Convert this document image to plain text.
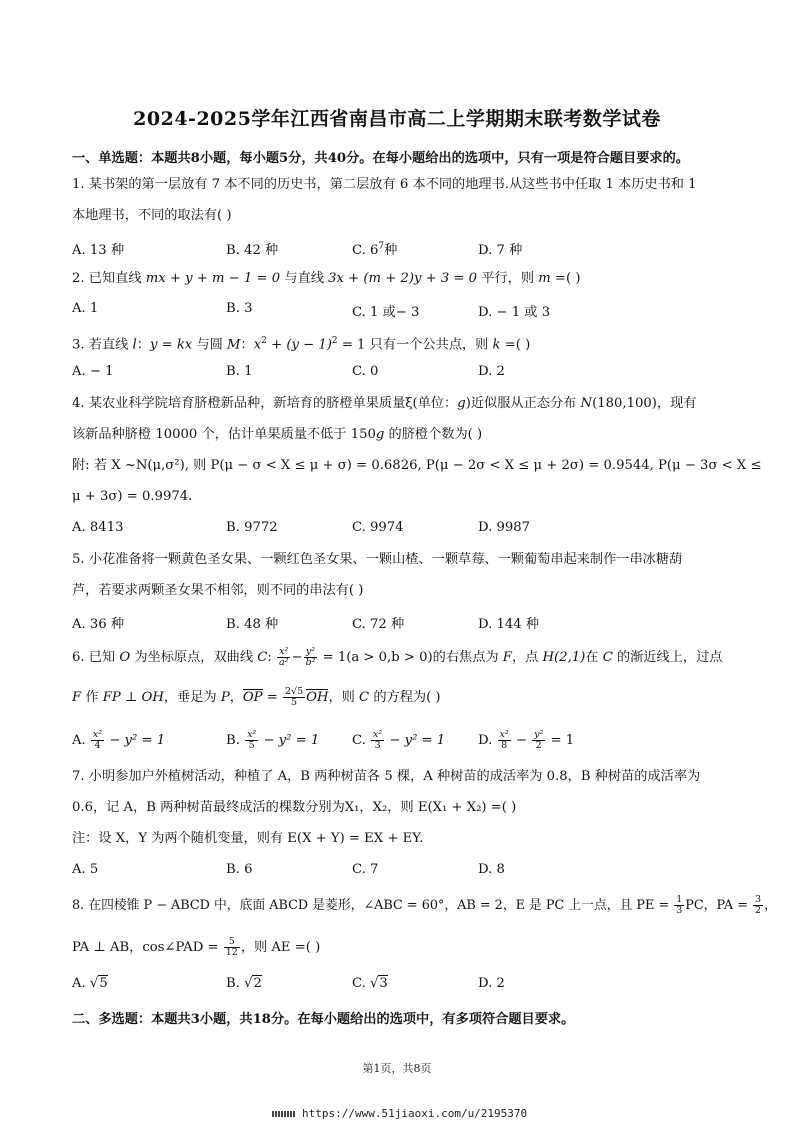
2024-2025学年江西省南昌市高二上学期期末联考数学试卷
一、单选题：本题共8小题，每小题5分，共40分。在每小题给出的选项中，只有一项是符合题目要求的。
1. 某书架的第一层放有 7 本不同的历史书，第二层放有 6 本不同的地理书.从这些书中任取 1 本历史书和 1
本地理书，不同的取法有( )
A. 13 种	B. 42 种	C. $6^7$种	D. 7 种
2. 已知直线 mx + y + m − 1 = 0 与直线 3x + (m + 2)y + 3 = 0 平行，则 m =( )
A. 1	B. 3	C. 1 或− 3	D. − 1 或 3
3. 若直线 l：y = kx 与圆 M：$x^2 + (y - 1)^2 = 1$ 只有一个公共点，则 k =( )
A. − 1	B. 1	C. 0	D. 2
4. 某农业科学院培育脐橙新品种，新培育的脐橙单果质量ξ(单位：g)近似服从正态分布 N(180,100)，现有
该新品种脐橙 10000 个，估计单果质量不低于 150g 的脐橙个数为( )
附: 若 X ~N(μ,σ²), 则 P(μ − σ < X ≤ μ + σ) = 0.6826, P(μ − 2σ < X ≤ μ + 2σ) = 0.9544, P(μ − 3σ < X ≤
μ + 3σ) = 0.9974.
A. 8413	B. 9772	C. 9974	D. 9987
5. 小花准备将一颗黄色圣女果、一颗红色圣女果、一颗山楂、一颗草莓、一颗葡萄串起来制作一串冰糖葫
芦，若要求两颗圣女果不相邻，则不同的串法有( )
A. 36 种	B. 48 种	C. 72 种	D. 144 种
6. 已知 O 为坐标原点，双曲线 C: $\frac{\text{x²}}{\text{a²}} - \frac{\text{y²}}{\text{b²}} = 1(a > 0,b > 0)$的右焦点为 F，点 H(2,1)在 C 的渐近线上，过点
F 作 FP ⊥ OH，垂足为 P，OP = $\frac{2√5}{5}$ OH，则 C 的方程为( )
A. $\frac{\text{x²}}{4} - y^2 = 1$	B. $\frac{\text{x²}}{5} - y^2 = 1$ C. $\frac{\text{x²}}{3} - y^2 = 1$ D. $\frac{\text{x²}}{8} - \frac{\text{y²}}{2} = 1$
7. 小明参加户外植树活动，种植了 A，B 两种树苗各 5 棵，A 种树苗的成活率为 0.8，B 种树苗的成活率为
0.6，记 A，B 两种树苗最终成活的棵数分别为X₁，X₂，则 E(X₁ + X₂) =( )
注：设 X，Y 为两个随机变量，则有 E(X + Y) = EX + EY.
A. 5	B. 6	C. 7	D. 8
8. 在四棱锥 P − ABCD 中，底面 ABCD 是菱形，∠ABC = 60°，AB = 2，E 是 PC 上一点，且 PE = $\frac{1}{3}$ PC，PA = $\frac{3}{2}$ ，
PA ⊥ AB，cos∠PAD = $\frac{5}{12}$ ，则 AE =( )
A. √5	B. √2	C. √3	D. 2
二、多选题：本题共3小题，共18分。在每小题给出的选项中，有多项符合题目要求。
第1页，共8页
https://www.51jiaoxi.com/u/2195370
